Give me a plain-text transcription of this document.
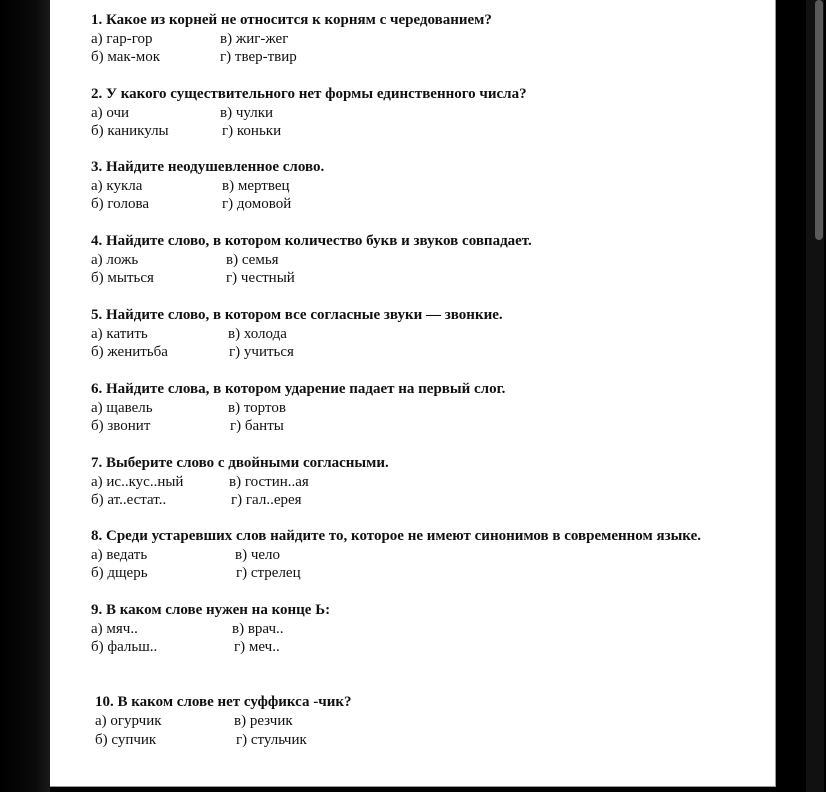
1. Какое из корней не относится к корням с чередованием?
а) гар-гор
б) мак-мок
в) жиг-жег
г) твер-твир
2. У какого существительного нет формы единственного числа?
а) очи
б) каникулы
в) чулки
г) коньки
3. Найдите неодушевленное слово.
а) кукла
б) голова
в) мертвец
г) домовой
4. Найдите слово, в котором количество букв и звуков совпадает.
а) ложь
б) мыться
в) семья
г) честный
5. Найдите слово, в котором все согласные звуки — звонкие.
а) катить
б) женитьба
в) холода
г) учиться
6. Найдите слова, в котором ударение падает на первый слог.
а) щавель
б) звонит
в) тортов
г) банты
7. Выберите слово с двойными согласными.
а) ис..кус..ный
б) ат..естат..
в) гостин..ая
г) гал..ерея
8. Среди устаревших слов найдите то, которое не имеют синонимов в современном языке.
а) ведать
б) дщерь
в) чело
г) стрелец
9. В каком слове нужен на конце Ь:
а) мяч..
б) фальш..
в) врач..
г) меч..
10. В каком слове нет суффикса -чик?
а) огурчик
б) супчик
в) резчик
г) стульчик
